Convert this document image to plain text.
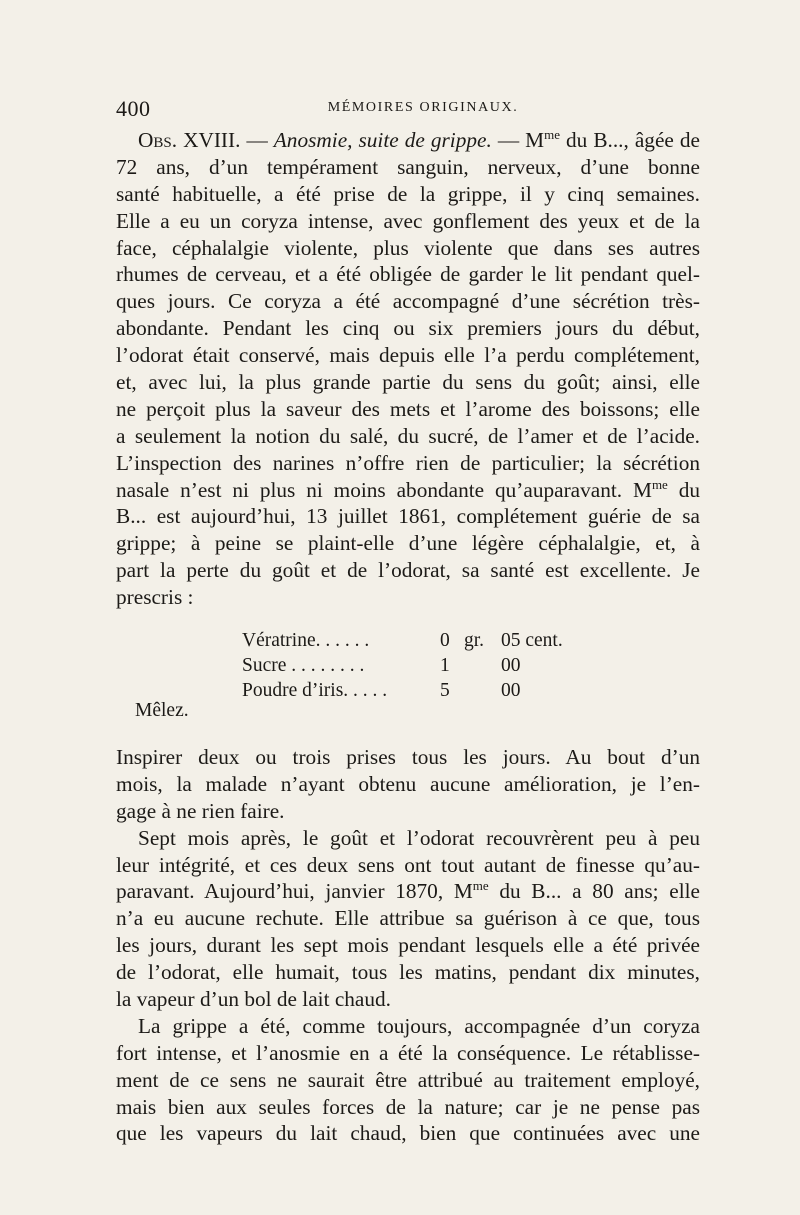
400	MÉMOIRES ORIGINAUX.
Obs. XVIII. — Anosmie, suite de grippe. — $M^{me}$ du B..., âgée de
72 ans, d’un tempérament sanguin, nerveux, d’une bonne
santé habituelle, a été prise de la grippe, il y cinq semaines.
Elle a eu un coryza intense, avec gonflement des yeux et de la
face, céphalalgie violente, plus violente que dans ses autres
rhumes de cerveau, et a été obligée de garder le lit pendant quel-
ques jours. Ce coryza a été accompagné d’une sécrétion très-
abondante. Pendant les cinq ou six premiers jours du début,
l’odorat était conservé, mais depuis elle l’a perdu complétement,
et, avec lui, la plus grande partie du sens du goût; ainsi, elle
ne perçoit plus la saveur des mets et l’arome des boissons; elle
a seulement la notion du salé, du sucré, de l’amer et de l’acide.
L’inspection des narines n’offre rien de particulier; la sécrétion
nasale n’est ni plus ni moins abondante qu’auparavant. $M^{me}$ du
B... est aujourd’hui, 13 juillet 1861, complétement guérie de sa
grippe; à peine se plaint-elle d’une légère céphalalgie, et, à
part la perte du goût et de l’odorat, sa santé est excellente. Je
prescris :
Vératrine. . . . . .	0 gr. 05 cent.
Sucre . . . . . . . .	1	00
Poudre d’iris. . . . .	5	00
Mêlez.
Inspirer deux ou trois prises tous les jours. Au bout d’un
mois, la malade n’ayant obtenu aucune amélioration, je l’en-
gage à ne rien faire.
Sept mois après, le goût et l’odorat recouvrèrent peu à peu
leur intégrité, et ces deux sens ont tout autant de finesse qu’au-
paravant. Aujourd’hui, janvier 1870, $M^{me}$ du B... a 80 ans; elle
n’a eu aucune rechute. Elle attribue sa guérison à ce que, tous
les jours, durant les sept mois pendant lesquels elle a été privée
de l’odorat, elle humait, tous les matins, pendant dix minutes,
la vapeur d’un bol de lait chaud.
La grippe a été, comme toujours, accompagnée d’un coryza
fort intense, et l’anosmie en a été la conséquence. Le rétablisse-
ment de ce sens ne saurait être attribué au traitement employé,
mais bien aux seules forces de la nature; car je ne pense pas
que les vapeurs du lait chaud, bien que continuées avec une
